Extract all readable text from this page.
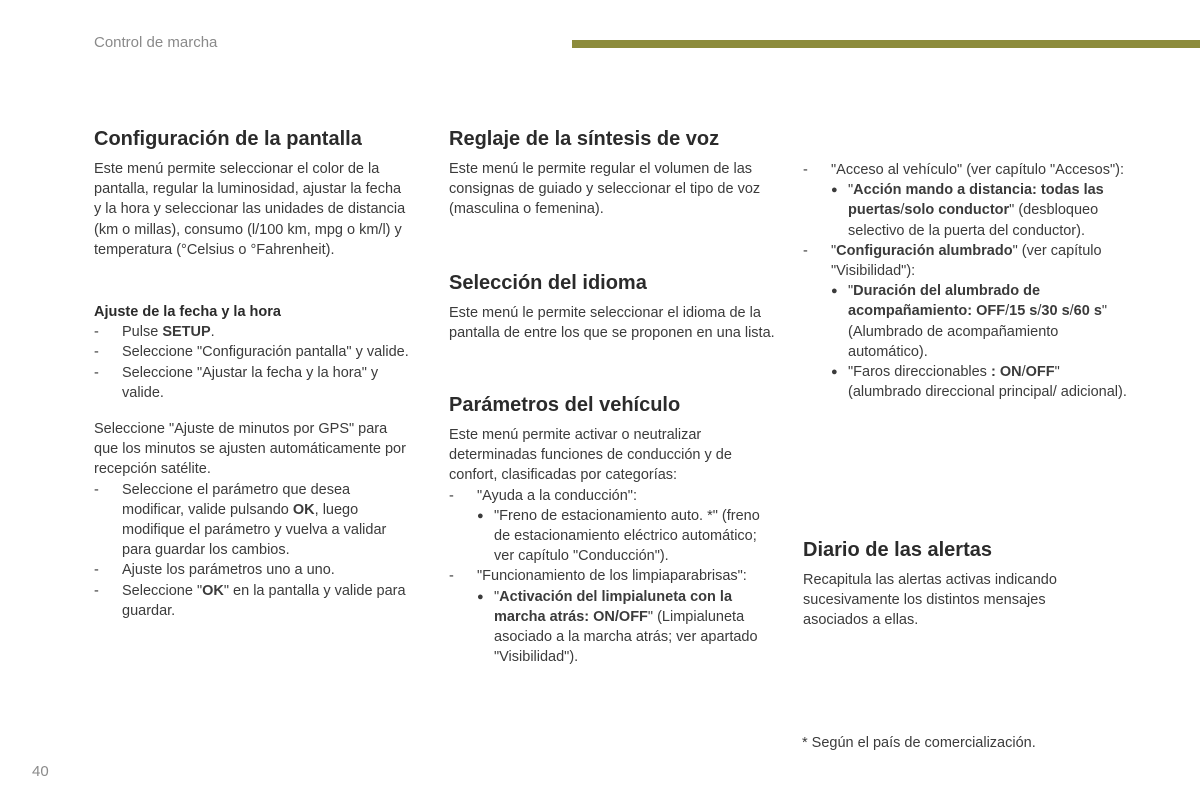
Control de marcha
Configuración de la pantalla

Este menú permite seleccionar el color de la pantalla, regular la luminosidad, ajustar la fecha y la hora y seleccionar las unidades de distancia (km o millas), consumo (l/100 km, mpg o km/l) y temperatura (°Celsius o °Fahrenheit).

Ajuste de la fecha y la hora

- Pulse SETUP.
- Seleccione "Configuración pantalla" y valide.
- Seleccione "Ajustar la fecha y la hora" y valide.

Seleccione "Ajuste de minutos por GPS" para que los minutos se ajusten automáticamente por recepción satélite.

- Seleccione el parámetro que desea modificar, valide pulsando OK, luego modifique el parámetro y vuelva a validar para guardar los cambios.
- Ajuste los parámetros uno a uno.
- Seleccione "OK" en la pantalla y valide para guardar.
Reglaje de la síntesis de voz

Este menú le permite regular el volumen de las consignas de guiado y seleccionar el tipo de voz (masculina o femenina).

Selección del idioma

Este menú le permite seleccionar el idioma de la pantalla de entre los que se proponen en una lista.

Parámetros del vehículo

Este menú permite activar o neutralizar determinadas funciones de conducción y de confort, clasificadas por categorías:

- "Ayuda a la conducción":
● "Freno de estacionamiento auto. *" (freno de estacionamiento eléctrico automático; ver capítulo "Conducción").
- "Funcionamiento de los limpiaparabrisas":
● "Activación del limpialuneta con la marcha atrás: ON/OFF" (Limpialuneta asociado a la marcha atrás; ver apartado "Visibilidad").
- "Acceso al vehículo" (ver capítulo "Accesos"):
● "Acción mando a distancia: todas las puertas/solo conductor" (desbloqueo selectivo de la puerta del conductor).
- "Configuración alumbrado" (ver capítulo "Visibilidad"):
● "Duración del alumbrado de acompañamiento: OFF/15 s/30 s/60 s" (Alumbrado de acompañamiento automático).
● "Faros direccionables : ON/OFF" (alumbrado direccional principal/ adicional).
Diario de las alertas

Recapitula las alertas activas indicando sucesivamente los distintos mensajes asociados a ellas.

* Según el país de comercialización.
40
